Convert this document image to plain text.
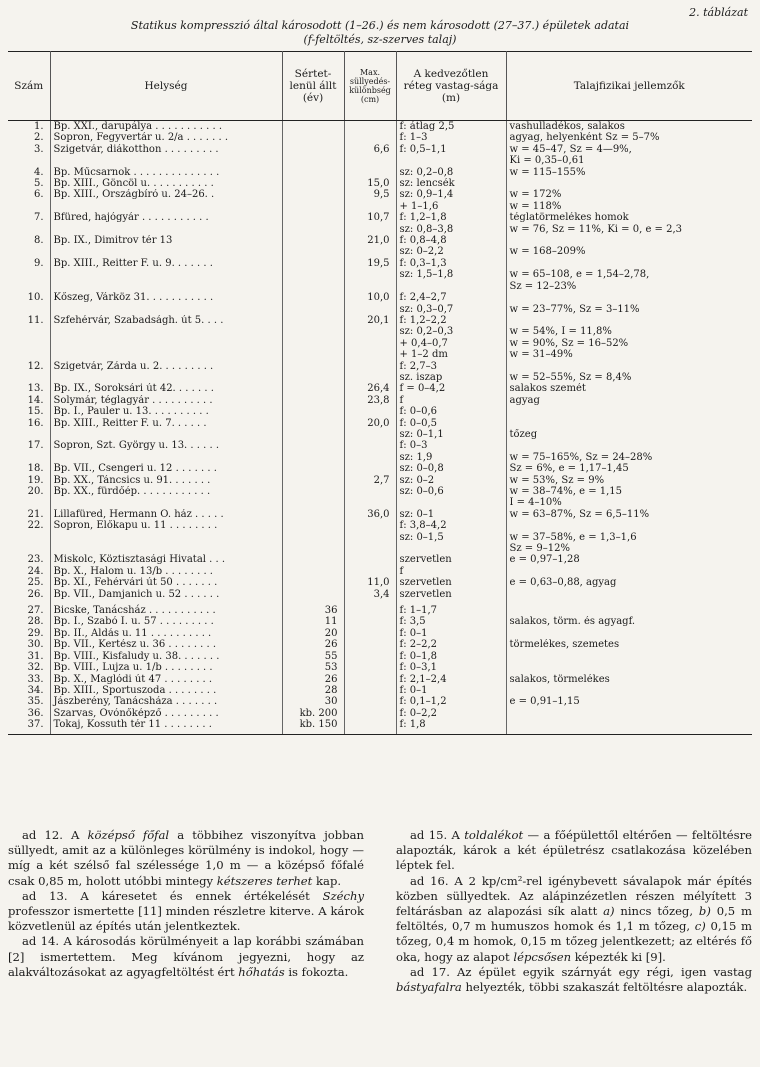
2. táblázat
Statikus kompresszió által károsodott (1–26.) és nem károsodott (27–37.) épületek adatai
(f-feltöltés, sz-szerves talaj)
Szám	Helység	Sértet-lenül állt (év)	Max. süllyedés-különbség (cm)	A kedvezőtlen réteg vastag-sága (m)	Talajfizikai jellemzők
1.	Bp. XXI., darupálya . . . . . . . . . . .			f: átlag 2,5	vashulladékos, salakos
2.	Sopron, Fegyvertár u. 2/a . . . . . . .			f: 1–3	agyag, helyenként Sz = 5–7%
3.	Szigetvár, diákotthon . . . . . . . . .		6,6	f: 0,5–1,1	w = 45–47, Sz = 4—9%,
					Ki = 0,35–0,61
4.	Bp. Műcsarnok . . . . . . . . . . . . . .			sz: 0,2–0,8	w = 115–155%
5.	Bp. XIII., Göncöl u. . . . . . . . . . .		15,0	sz: lencsék	
6.	Bp. XIII., Országbíró u. 24–26. .		9,5	sz: 0,9–1,4	w = 172%
				+ 1–1,6	w = 118%
7.	Bfüred, hajógyár . . . . . . . . . . .		10,7	f: 1,2–1,8	téglatörmelékes homok
				sz: 0,8–3,8	w = 76, Sz = 11%, Ki = 0, e = 2,3
8.	Bp. IX., Dimitrov tér 13		21,0	f: 0,8–4,8	
				sz: 0–2,2	w = 168–209%
9.	Bp. XIII., Reitter F. u. 9. . . . . . .		19,5	f: 0,3–1,3	
				sz: 1,5–1,8	w = 65–108, e = 1,54–2,78,
					Sz = 12–23%
10.	Kőszeg, Várköz 31. . . . . . . . . . .		10,0	f: 2,4–2,7	
				sz: 0,3–0,7	w = 23–77%, Sz = 3–11%
11.	Szfehérvár, Szabadságh. út 5. . . .		20,1	f: 1,2–2,2	
				sz: 0,2–0,3	w = 54%, I = 11,8%
				+ 0,4–0,7	w = 90%, Sz = 16–52%
				+ 1–2 dm	w = 31–49%
12.	Szigetvár, Zárda u. 2. . . . . . . . .			f: 2,7–3	
				sz. iszap	w = 52–55%, Sz = 8,4%
13.	Bp. IX., Soroksári út 42. . . . . . .		26,4	f = 0–4,2	salakos szemét
14.	Solymár, téglagyár . . . . . . . . . .		23,8	f	agyag
15.	Bp. I., Pauler u. 13. . . . . . . . . .			f: 0–0,6	
16.	Bp. XIII., Reitter F. u. 7. . . . . .		20,0	f: 0–0,5	
				sz: 0–1,1	tőzeg
17.	Sopron, Szt. György u. 13. . . . . .			f: 0–3	
				sz: 1,9	w = 75–165%, Sz = 24–28%
18.	Bp. VII., Csengeri u. 12 . . . . . . .			sz: 0–0,8	Sz = 6%, e = 1,17–1,45
19.	Bp. XX., Táncsics u. 91. . . . . . .		2,7	sz: 0–2	w = 53%, Sz = 9%
20.	Bp. XX., fürdőép. . . . . . . . . . . .			sz: 0–0,6	w = 38–74%, e = 1,15
					I = 4–10%
21.	Lillafüred, Hermann O. ház . . . . .		36,0	sz: 0–1	w = 63–87%, Sz = 6,5–11%
22.	Sopron, Előkapu u. 11 . . . . . . . .			f: 3,8–4,2	
				sz: 0–1,5	w = 37–58%, e = 1,3–1,6
					Sz = 9–12%
23.	Miskolc, Köztisztasági Hivatal . . .			szervetlen	e = 0,97–1,28
24.	Bp. X., Halom u. 13/b . . . . . . . .			f	
25.	Bp. XI., Fehérvári út 50 . . . . . . .		11,0	szervetlen	e = 0,63–0,88, agyag
26.	Bp. VII., Damjanich u. 52 . . . . . .		3,4	szervetlen	
27.	Bicske, Tanácsház . . . . . . . . . . .	36		f: 1–1,7	
28.	Bp. I., Szabó I. u. 57 . . . . . . . . .	11		f: 3,5	salakos, törm. és agyagf.
29.	Bp. II., Áldás u. 11 . . . . . . . . . .	20		f: 0–1	
30.	Bp. VII., Kertész u. 36 . . . . . . . .	26		f: 2–2,2	törmelékes, szemetes
31.	Bp. VIII., Kisfaludy u. 38. . . . . . .	55		f: 0–1,8	
32.	Bp. VIII., Lujza u. 1/b . . . . . . . .	53		f: 0–3,1	
33.	Bp. X., Maglódi út 47 . . . . . . . .	26		f: 2,1–2,4	salakos, törmelékes
34.	Bp. XIII., Sportuszoda . . . . . . . .	28		f: 0–1	
35.	Jászberény, Tanácsháza . . . . . . .	30		f: 0,1–1,2	e = 0,91–1,15
36.	Szarvas, Óvónőképző . . . . . . . . .	kb. 200		f: 0–2,2	
37.	Tokaj, Kossuth tér 11 . . . . . . . .	kb. 150		f: 1,8	

ad 12. A középső főfal a többihez viszonyítva jobban süllyedt, amit az a különleges körülmény is indokol, hogy — míg a két szélső fal szélessége 1,0 m — a középső főfalé csak 0,85 m, holott utóbbi mintegy kétszeres terhet kap.

ad 13. A káresetet és ennek értékelését Széchy professzor ismertette [11] minden részletre kiterve. A károk közvetlenül az építés után jelentkeztek.

ad 14. A károsodás körülményeit a lap korábbi számában [2] ismertettem. Meg kívánom jegyezni, hogy az alakváltozásokat az agyagfeltöltést ért hőhatás is fokozta.

ad 15. A toldalékot — a főépülettől eltérően — feltöltésre alapozták, károk a két épületrész csatlakozása közelében léptek fel.

ad 16. A 2 kp/cm²-rel igénybevett sávalapok már építés közben süllyedtek. Az alápinzézetlen részen mélyített 3 feltárásban az alapozási sík alatt a) nincs tőzeg, b) 0,5 m feltöltés, 0,7 m humuszos homok és 1,1 m tőzeg, c) 0,15 m tőzeg, 0,4 m homok, 0,15 m tőzeg jelentkezett; az eltérés fő oka, hogy az alapot lépcsősen képezték ki [9].

ad 17. Az épület egyik szárnyát egy régi, igen vastag bástyafalra helyezték, többi szakaszát feltöltésre alapozták.
